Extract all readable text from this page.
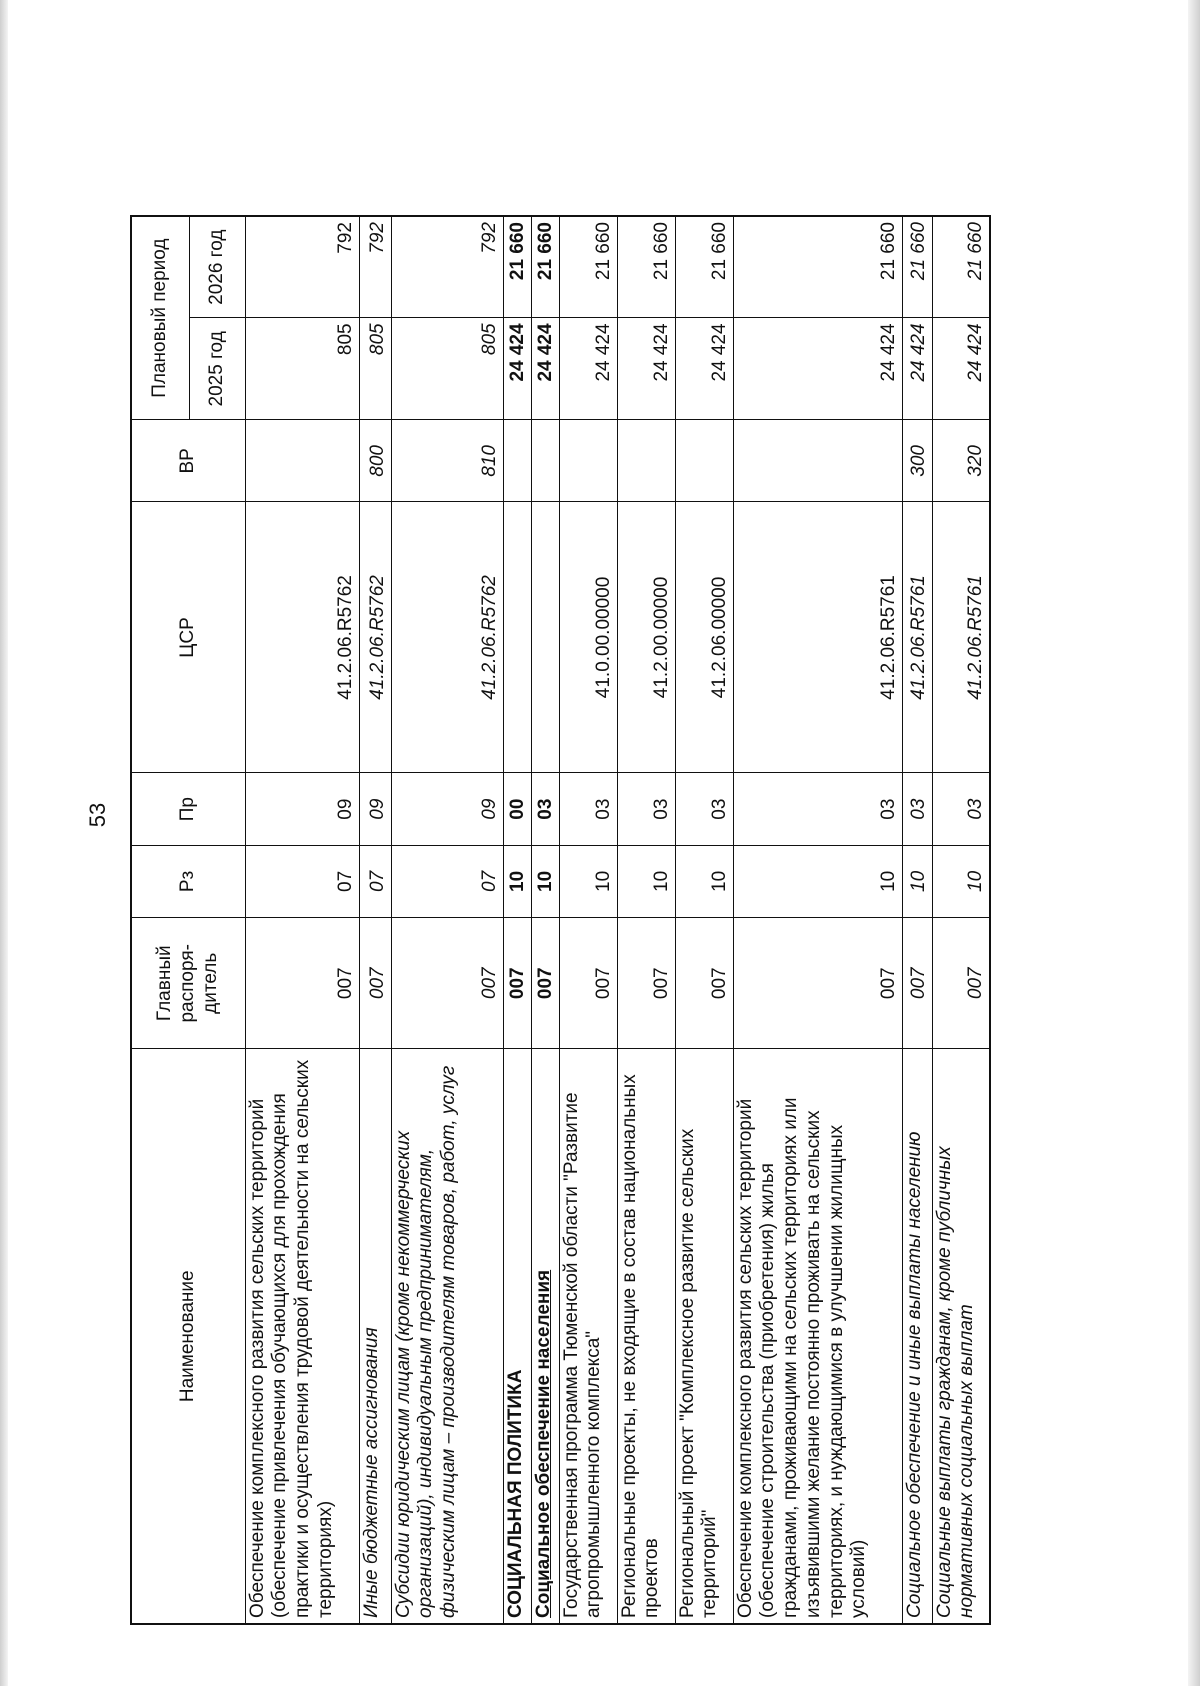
53
Наименование	Главный распоря-дитель	Рз	Пр	ЦСР	ВР	Плановый период	
						2025 год	2026 год
Обеспечение комплексного развития сельских территорий (обеспечение привлечения обучающихся для прохождения практики и осуществления трудовой деятельности на сельских территориях)	007	07	09	41.2.06.R5762		805	792
Иные бюджетные ассигнования	007	07	09	41.2.06.R5762	800	805	792
Субсидии юридическим лицам (кроме некоммерческих организаций), индивидуальным предпринимателям, физическим лицам – производителям товаров, работ, услуг	007	07	09	41.2.06.R5762	810	805	792
СОЦИАЛЬНАЯ ПОЛИТИКА	007	10	00			24 424	21 660
Социальное обеспечение населения	007	10	03			24 424	21 660
Государственная программа Тюменской области "Развитие агропромышленного комплекса"	007	10	03	41.0.00.00000		24 424	21 660
Региональные проекты, не входящие в состав национальных проектов	007	10	03	41.2.00.00000		24 424	21 660
Региональный проект "Комплексное развитие сельских территорий"	007	10	03	41.2.06.00000		24 424	21 660
Обеспечение комплексного развития сельских территорий (обеспечение строительства (приобретения) жилья гражданами, проживающими на сельских территориях или изъявившими желание постоянно проживать на сельских территориях, и нуждающимися в улучшении жилищных условий)	007	10	03	41.2.06.R5761		24 424	21 660
Социальное обеспечение и иные выплаты населению	007	10	03	41.2.06.R5761	300	24 424	21 660
Социальные выплаты гражданам, кроме публичных нормативных социальных выплат	007	10	03	41.2.06.R5761	320	24 424	21 660
